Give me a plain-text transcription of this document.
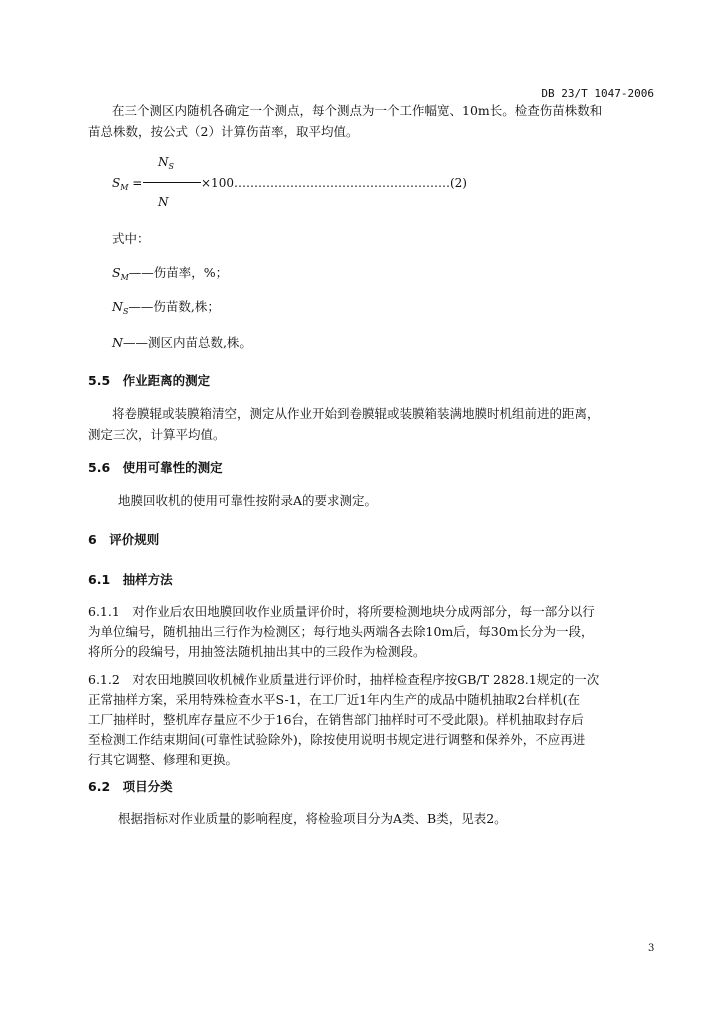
DB 23/T 1047-2006
在三个测区内随机各确定一个测点，每个测点为一个工作幅宽、10m长。检查伤苗株数和
苗总株数，按公式（2）计算伤苗率，取平均值。
$N_S$
$S_M$ =	×100………………………………………………(2)
N
式中：
$S_M——$伤苗率，%；
$N_S——$伤苗数,株；
N——测区内苗总数,株。
5.5　作业距离的测定
将卷膜辊或装膜箱清空，测定从作业开始到卷膜辊或装膜箱装满地膜时机组前进的距离，
测定三次，计算平均值。
5.6　使用可靠性的测定
地膜回收机的使用可靠性按附录A的要求测定。
6　评价规则
6.1　抽样方法
6.1.1　对作业后农田地膜回收作业质量评价时，将所要检测地块分成两部分，每一部分以行
为单位编号，随机抽出三行作为检测区；每行地头两端各去除10m后，每30m长分为一段，
将所分的段编号，用抽签法随机抽出其中的三段作为检测段。
6.1.2　对农田地膜回收机械作业质量进行评价时，抽样检查程序按GB/T 2828.1规定的一次
正常抽样方案，采用特殊检查水平S-1，在工厂近1年内生产的成品中随机抽取2台样机(在
工厂抽样时，整机库存量应不少于16台，在销售部门抽样时可不受此限)。样机抽取封存后
至检测工作结束期间(可靠性试验除外)，除按使用说明书规定进行调整和保养外，不应再进
行其它调整、修理和更换。
6.2　项目分类
根据指标对作业质量的影响程度，将检验项目分为A类、B类，见表2。
3
